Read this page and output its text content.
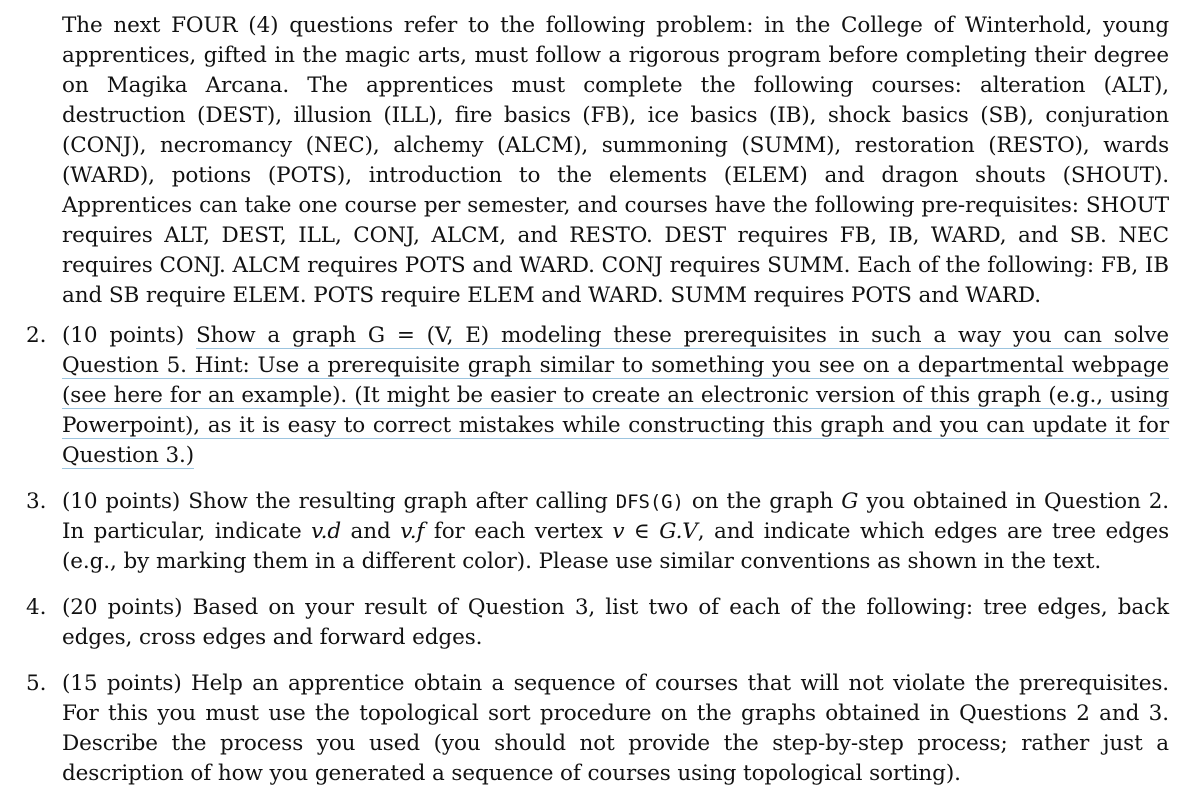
The next FOUR (4) questions refer to the following problem: in the College of Winterhold, young apprentices, gifted in the magic arts, must follow a rigorous program before completing their degree on Magika Arcana. The apprentices must complete the following courses: alteration (ALT), destruction (DEST), illusion (ILL), fire basics (FB), ice basics (IB), shock basics (SB), conjuration (CONJ), necromancy (NEC), alchemy (ALCM), summoning (SUMM), restoration (RESTO), wards (WARD), potions (POTS), introduction to the elements (ELEM) and dragon shouts (SHOUT). Apprentices can take one course per semester, and courses have the following pre-requisites: SHOUT requires ALT, DEST, ILL, CONJ, ALCM, and RESTO. DEST requires FB, IB, WARD, and SB. NEC requires CONJ. ALCM requires POTS and WARD. CONJ requires SUMM. Each of the following: FB, IB and SB require ELEM. POTS require ELEM and WARD. SUMM requires POTS and WARD.

2. (10 points) Show a graph G = (V, E) modeling these prerequisites in such a way you can solve Question 5. Hint: Use a prerequisite graph similar to something you see on a departmental webpage (see here for an example). (It might be easier to create an electronic version of this graph (e.g., using Powerpoint), as it is easy to correct mistakes while constructing this graph and you can update it for Question 3.)
3. (10 points) Show the resulting graph after calling DFS(G) on the graph G you obtained in Question 2. In particular, indicate v.d and v.f for each vertex v ∈ G.V, and indicate which edges are tree edges (e.g., by marking them in a different color). Please use similar conventions as shown in the text.
4. (20 points) Based on your result of Question 3, list two of each of the following: tree edges, back edges, cross edges and forward edges.
5. (15 points) Help an apprentice obtain a sequence of courses that will not violate the prerequisites. For this you must use the topological sort procedure on the graphs obtained in Questions 2 and 3. Describe the process you used (you should not provide the step-by-step process; rather just a description of how you generated a sequence of courses using topological sorting).
